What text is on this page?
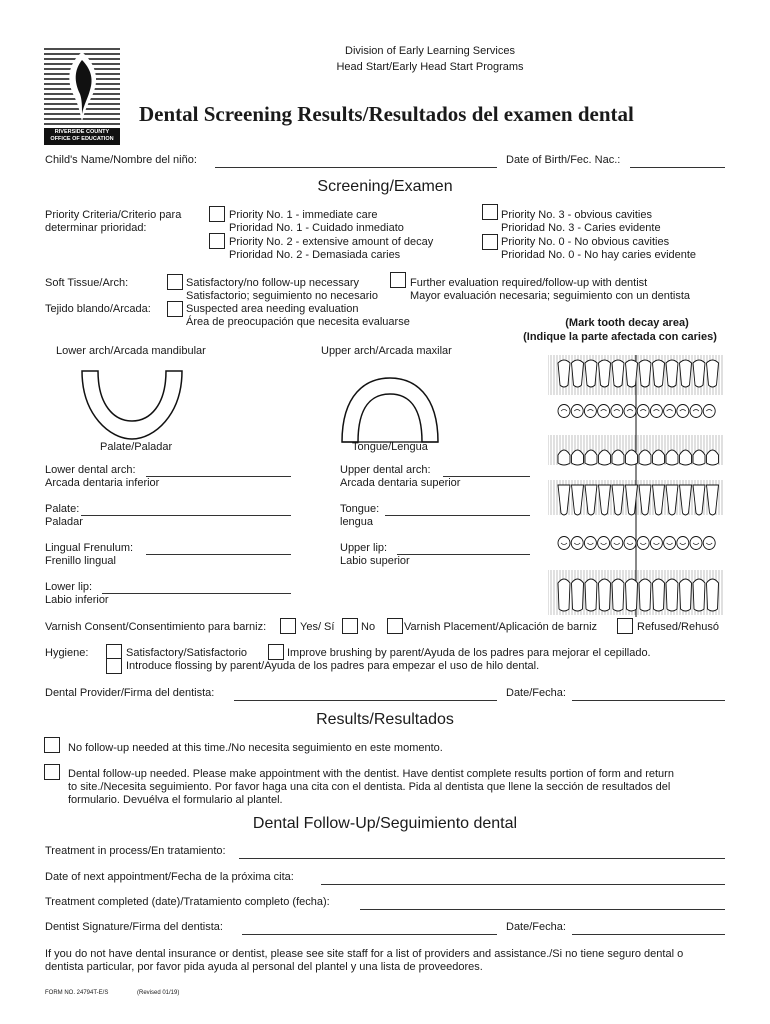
RIVERSIDE COUNTY
OFFICE OF EDUCATION
Division of Early Learning Services
Head Start/Early Head Start Programs
Dental Screening Results/Resultados del examen dental
Child's Name/Nombre del niño:	Date of Birth/Fec. Nac.:
Screening/Examen
Priority Criteria/Criterio para
determinar prioridad:
Priority No. 1 - immediate care
Prioridad No. 1 - Cuidado inmediato
Priority No. 2 - extensive amount of decay
Prioridad No. 2 - Demasiada caries
Priority No. 3 - obvious cavities
Prioridad No. 3 - Caries evidente
Priority No. 0 - No obvious cavities
Prioridad No. 0 - No hay caries evidente
Soft Tissue/Arch:
Tejido blando/Arcada:
Satisfactory/no follow-up necessary
Satisfactorio; seguimiento no necesario
Further evaluation required/follow-up with dentist
Mayor evaluación necesaria; seguimiento con un dentista
Suspected area needing evaluation
Área de preocupación que necesita evaluarse	(Mark tooth decay area)
(Indique la parte afectada con caries)
Lower arch/Arcada mandibular	Upper arch/Arcada maxilar
Palate/Paladar	Tongue/Lengua
Lower dental arch:
Arcada dentaria inferior
Palate:
Paladar
Lingual Frenulum:
Frenillo lingual
Lower lip:
Labio inferior
Upper dental arch:
Arcada dentaria superior
Tongue:
lengua
Upper lip:
Labio superior
Varnish Consent/Consentimiento para barniz:	Yes/ Sí No	Varnish Placement/Aplicación de barniz	Refused/Rehusó
Hygiene:	Satisfactory/Satisfactorio	Improve brushing by parent/Ayuda de los padres para mejorar el cepillado.
Introduce flossing by parent/Ayuda de los padres para empezar el uso de hilo dental.
Dental Provider/Firma del dentista:	Date/Fecha:
Results/Resultados
No follow-up needed at this time./No necesita seguimiento en este momento.
Dental follow-up needed. Please make appointment with the dentist. Have dentist complete results portion of form and return
to site./Necesita seguimiento. Por favor haga una cita con el dentista. Pida al dentista que llene la sección de resultados del
formulario. Devuélva el formulario al plantel.
Dental Follow-Up/Seguimiento dental
Treatment in process/En tratamiento:
Date of next appointment/Fecha de la próxima cita:
Treatment completed (date)/Tratamiento completo (fecha):
Dentist Signature/Firma del dentista:	Date/Fecha:
If you do not have dental insurance or dentist, please see site staff for a list of providers and assistance./Si no tiene seguro dental o
dentista particular, por favor pida ayuda al personal del plantel y una lista de proveedores.
FORM NO. 24794T-E/S	(Revised 01/19)
